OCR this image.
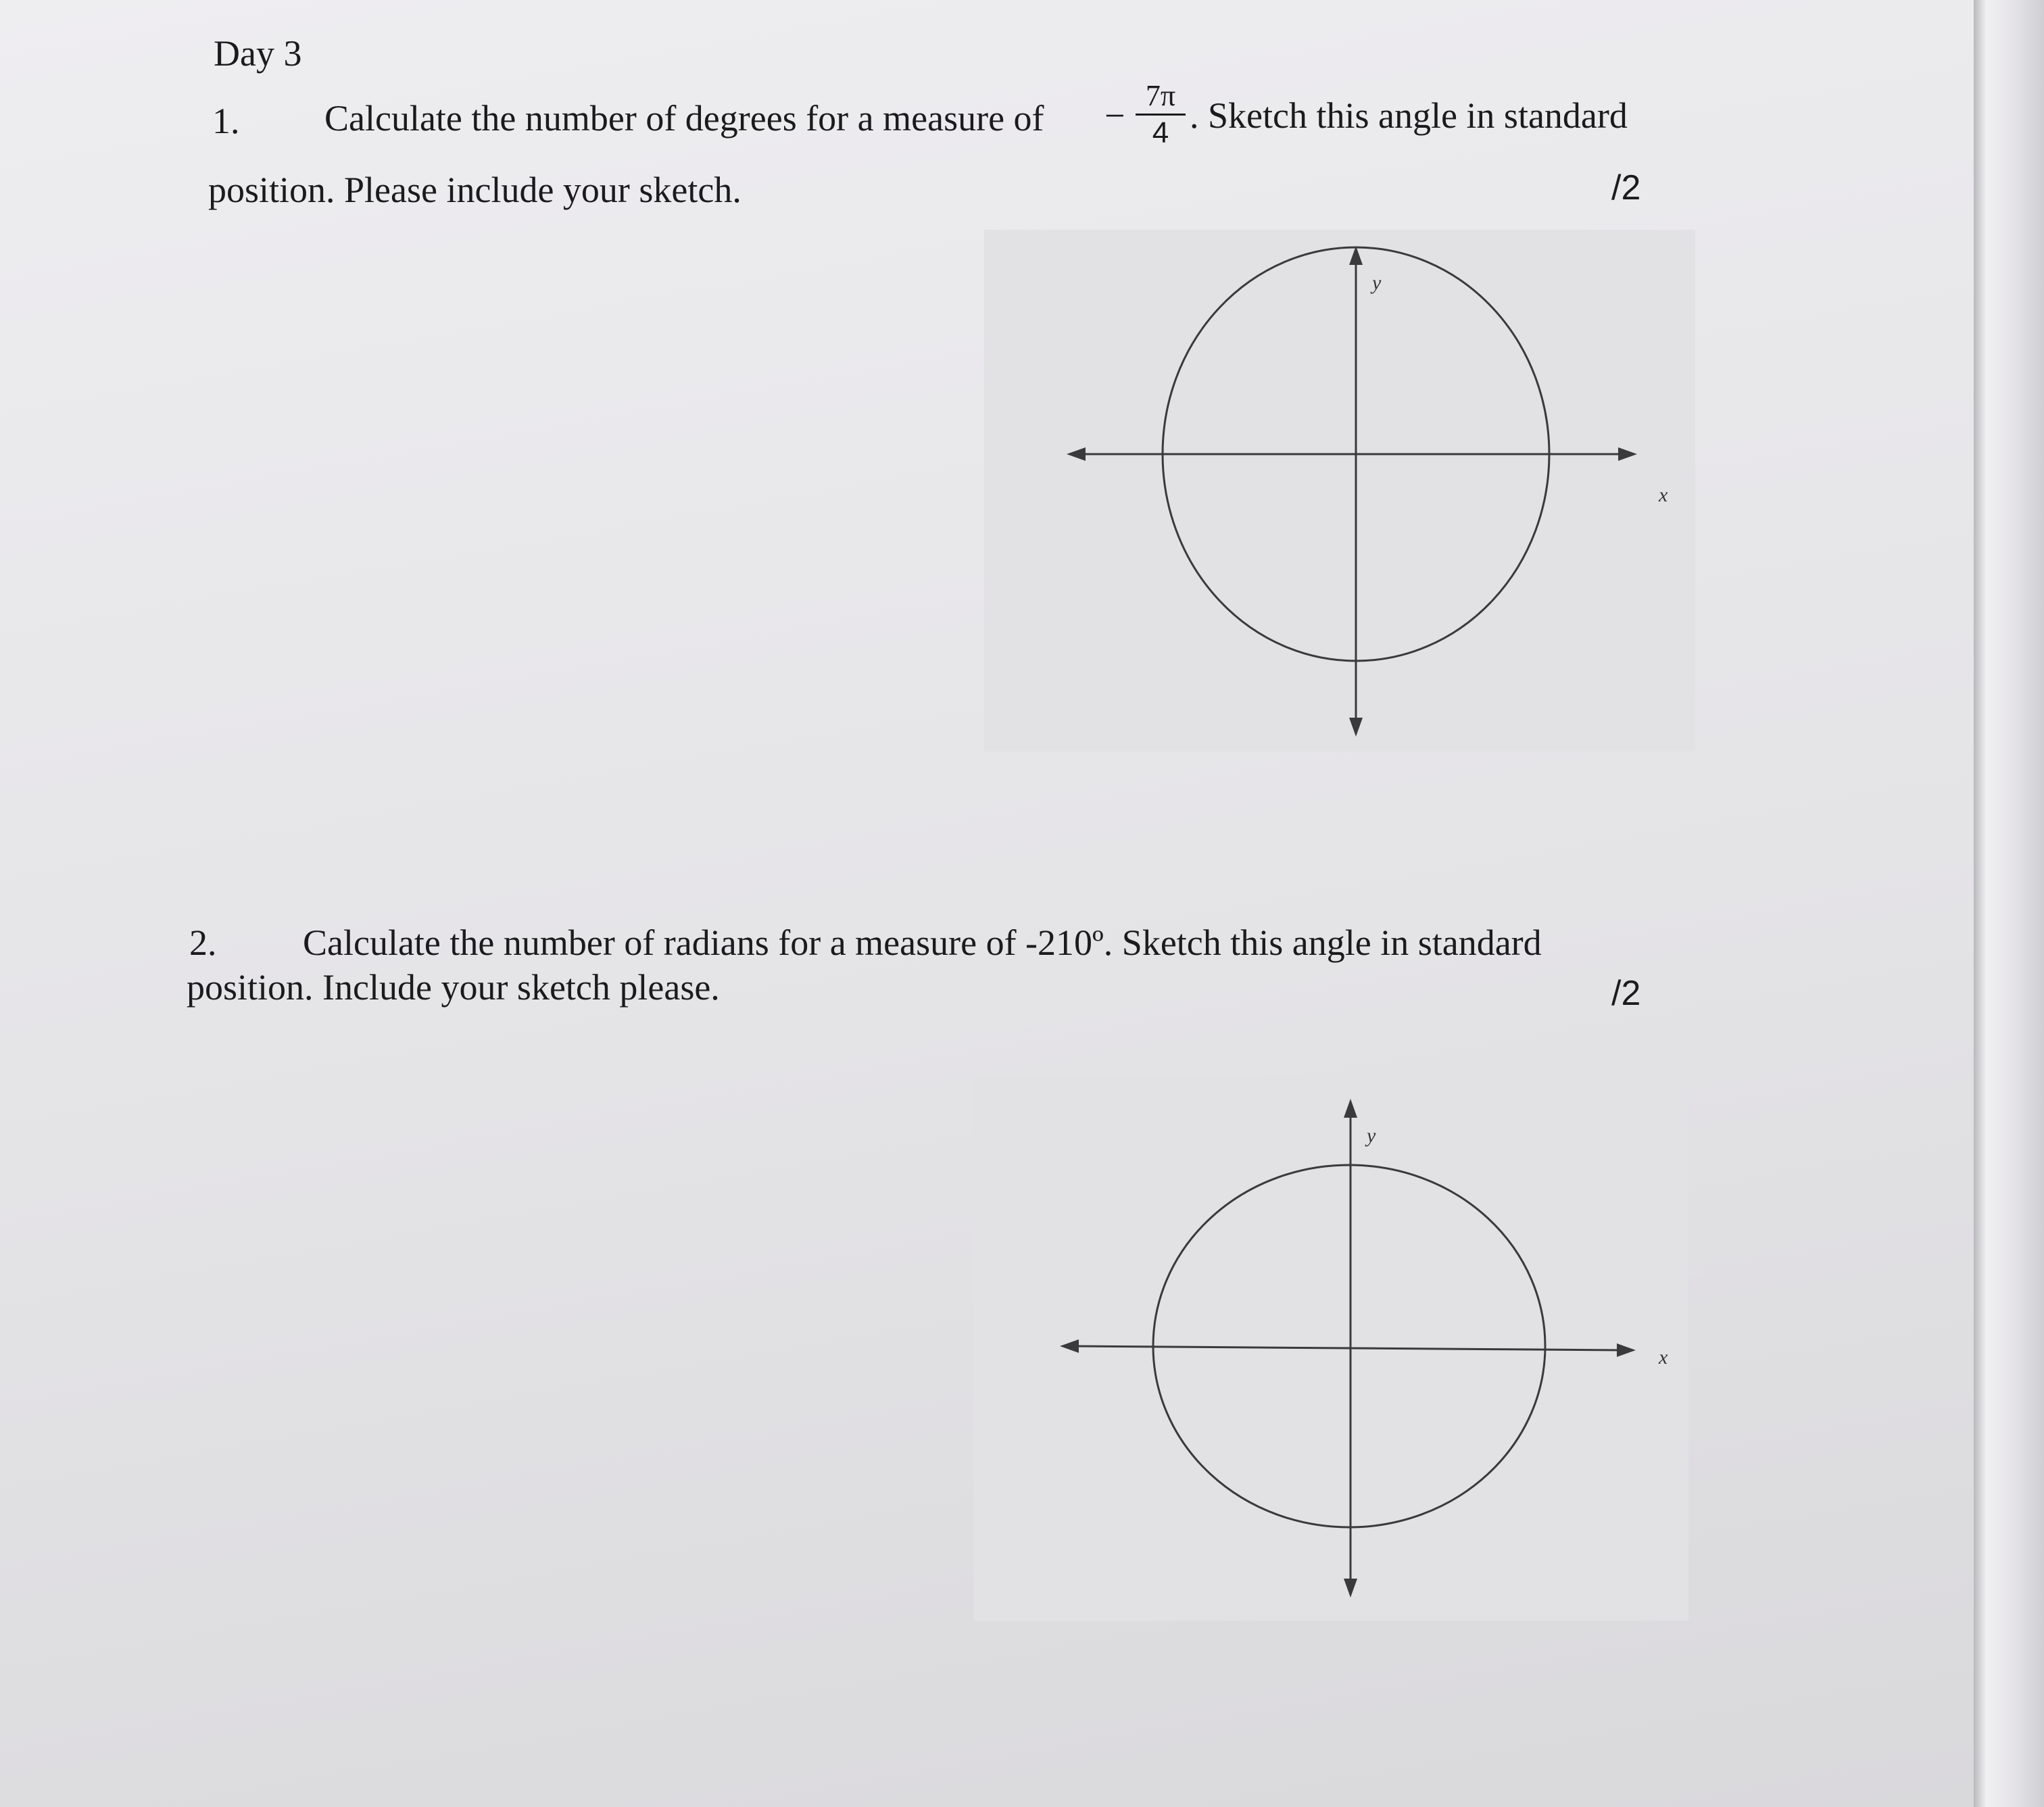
Day 3
1. Calculate the number of degrees for a measure of − $\frac{7\pi}{4}$ . Sketch this angle in standard
position. Please include your sketch.	/2
y
x
2. Calculate the number of radians for a measure of -210º. Sketch this angle in standard
position. Include your sketch please.	/2
y
x
